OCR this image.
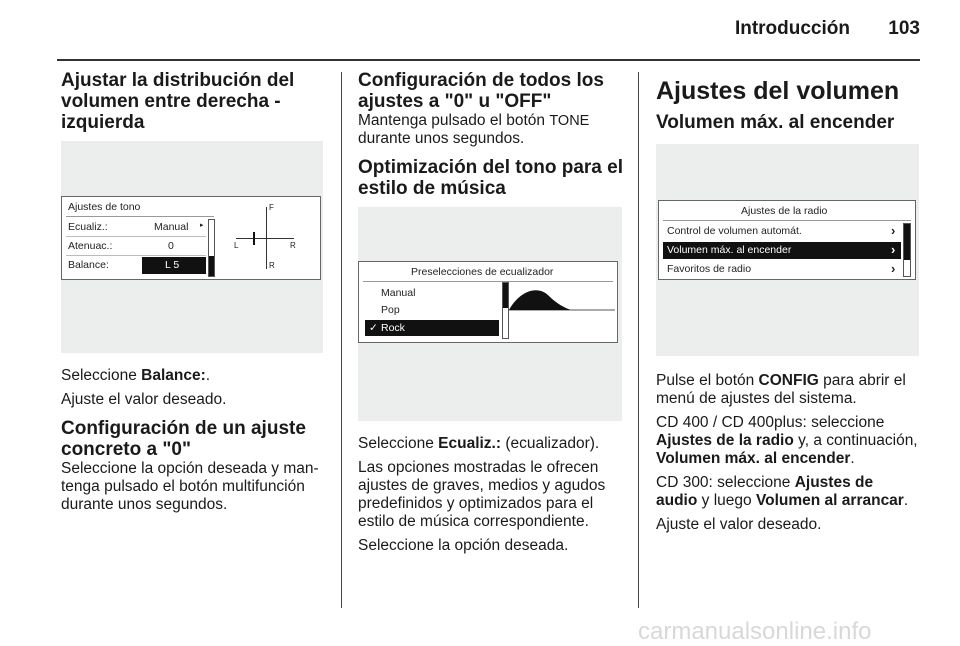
Introducción	103
Ajustar la distribución del
volumen entre derecha -
izquierda
Ajustes de tono
Ecualiz.:	Manual ▸
Atenuac.:	0
Balance:	L 5
F
R
L	R
Seleccione Balance:.
Ajuste el valor deseado.
Configuración de un ajuste
concreto a "0"
Seleccione la opción deseada y man-
tenga pulsado el botón multifunción
durante unos segundos.
Configuración de todos los
ajustes a "0" u "OFF"
Mantenga pulsado el botón TONE
durante unos segundos.
Optimización del tono para el
estilo de música
Preselecciones de ecualizador
Manual
Pop
✓ Rock
Seleccione Ecualiz.: (ecualizador).
Las opciones mostradas le ofrecen
ajustes de graves, medios y agudos
predefinidos y optimizados para el
estilo de música correspondiente.
Seleccione la opción deseada.
Ajustes del volumen
Volumen máx. al encender
Ajustes de la radio
Control de volumen automát.	›
Volumen máx. al encender	›
Favoritos de radio	›
Pulse el botón CONFIG para abrir el
menú de ajustes del sistema.
CD 400 / CD 400plus: seleccione
Ajustes de la radio y, a continuación,
Volumen máx. al encender.
CD 300: seleccione Ajustes de
audio y luego Volumen al arrancar.
Ajuste el valor deseado.
carmanualsonline.info
